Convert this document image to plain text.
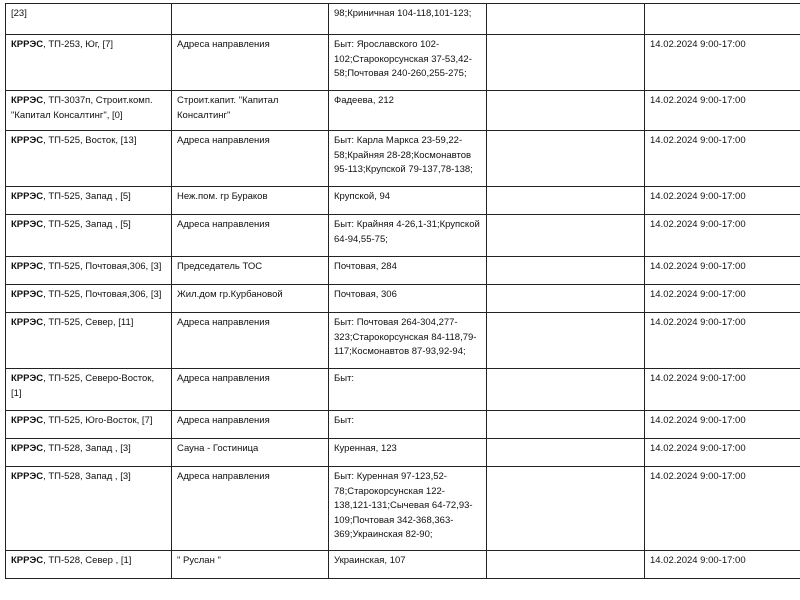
[23]		98;Криничная 104-118,101-123;		
КРРЭС, ТП-253, Юг, [7]	Адреса направления	Быт: Ярославского 102-
102;Старокорсунская 37-53,42-
58;Почтовая 240-260,255-275;		14.02.2024 9:00-17:00
КРРЭС, ТП-3037п, Строит.комп.
"Капитал Консалтинг", [0]	Строит.капит. "Капитал
Консалтинг"	Фадеева, 212		14.02.2024 9:00-17:00
КРРЭС, ТП-525, Восток, [13]	Адреса направления	Быт: Карла Маркса 23-59,22-
58;Крайняя 28-28;Космонавтов
95-113;Крупской 79-137,78-138;		14.02.2024 9:00-17:00
КРРЭС, ТП-525, Запад , [5]	Неж.пом. гр Бураков	Крупской, 94		14.02.2024 9:00-17:00
КРРЭС, ТП-525, Запад , [5]	Адреса направления	Быт: Крайняя 4-26,1-31;Крупской
64-94,55-75;		14.02.2024 9:00-17:00
КРРЭС, ТП-525, Почтовая,306, [3]	Председатель ТОС	Почтовая, 284		14.02.2024 9:00-17:00
КРРЭС, ТП-525, Почтовая,306, [3]	Жил.дом гр.Курбановой	Почтовая, 306		14.02.2024 9:00-17:00
КРРЭС, ТП-525, Север, [11]	Адреса направления	Быт: Почтовая 264-304,277-
323;Старокорсунская 84-118,79-
117;Космонавтов 87-93,92-94;		14.02.2024 9:00-17:00
КРРЭС, ТП-525, Северо-Восток,
[1]	Адреса направления	Быт:		14.02.2024 9:00-17:00
КРРЭС, ТП-525, Юго-Восток, [7]	Адреса направления	Быт:		14.02.2024 9:00-17:00
КРРЭС, ТП-528, Запад , [3]	Сауна - Гостиница	Куренная, 123		14.02.2024 9:00-17:00
КРРЭС, ТП-528, Запад , [3]	Адреса направления	Быт: Куренная 97-123,52-
78;Старокорсунская 122-
138,121-131;Сычевая 64-72,93-
109;Почтовая 342-368,363-
369;Украинская 82-90;		14.02.2024 9:00-17:00
КРРЭС, ТП-528, Север , [1]	" Руслан "	Украинская, 107		14.02.2024 9:00-17:00
